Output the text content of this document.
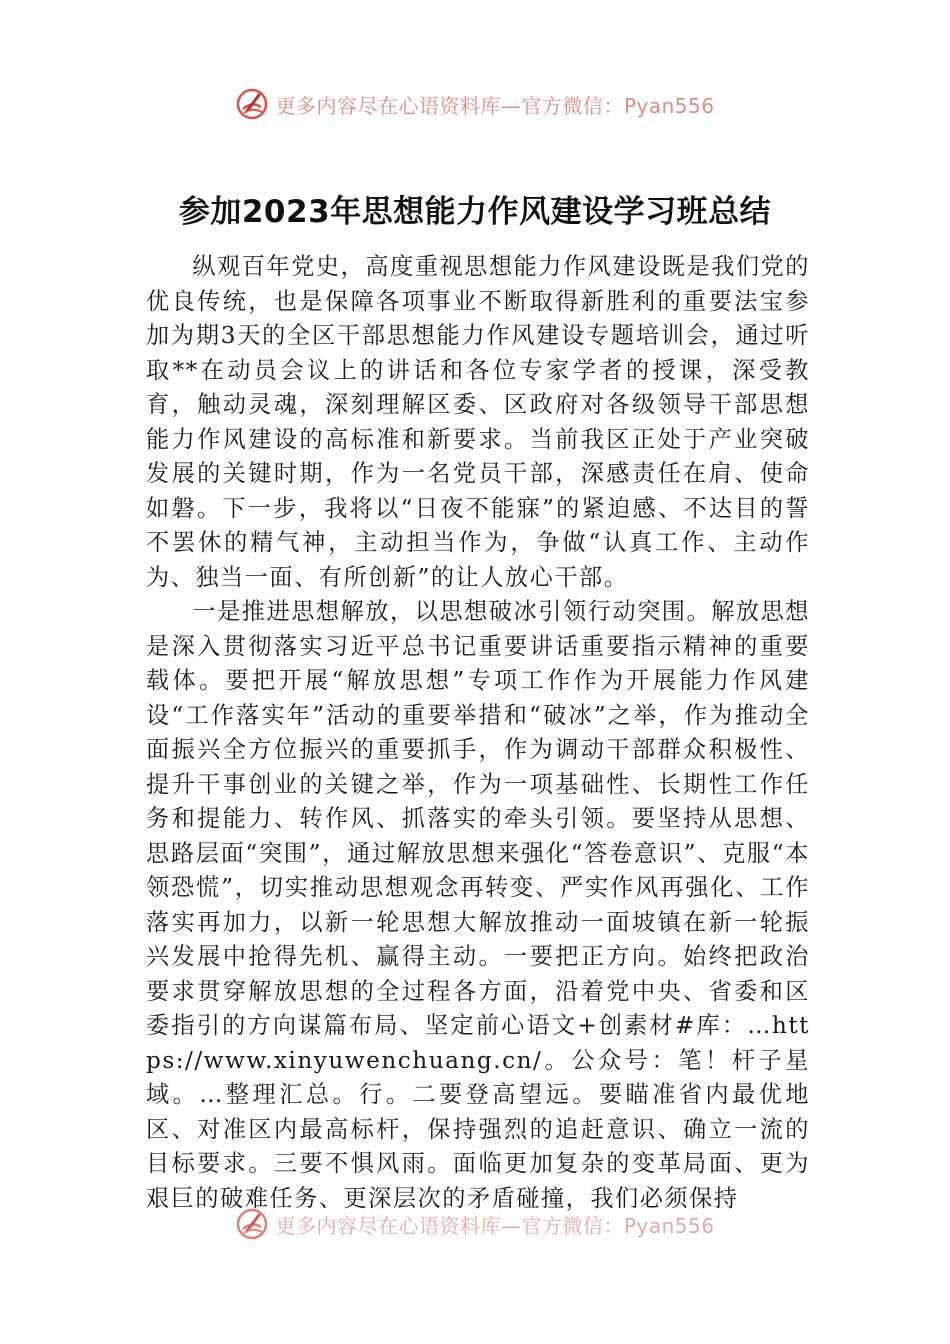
更多内容尽在心语资料库—官方微信：Pyan556
参加2023年思想能力作风建设学习班总结

纵观百年党史，高度重视思想能力作风建设既是我们党的优良传统，也是保障各项事业不断取得新胜利的重要法宝参加为期3天的全区干部思想能力作风建设专题培训会，通过听取**在动员会议上的讲话和各位专家学者的授课，深受教育，触动灵魂，深刻理解区委、区政府对各级领导干部思想能力作风建设的高标准和新要求。当前我区正处于产业突破发展的关键时期，作为一名党员干部，深感责任在肩、使命如磐。下一步，我将以“日夜不能寐”的紧迫感、不达目的誓不罢休的精气神，主动担当作为，争做“认真工作、主动作为、独当一面、有所创新”的让人放心干部。

一是推进思想解放，以思想破冰引领行动突围。解放思想是深入贯彻落实习近平总书记重要讲话重要指示精神的重要载体。要把开展“解放思想”专项工作作为开展能力作风建设“工作落实年”活动的重要举措和“破冰”之举，作为推动全面振兴全方位振兴的重要抓手，作为调动干部群众积极性、提升干事创业的关键之举，作为一项基础性、长期性工作任务和提能力、转作风、抓落实的牵头引领。要坚持从思想、思路层面“突围”，通过解放思想来强化“答卷意识”、克服“本领恐慌”，切实推动思想观念再转变、严实作风再强化、工作落实再加力，以新一轮思想大解放推动一面坡镇在新一轮振兴发展中抢得先机、赢得主动。一要把正方向。始终把政治要求贯穿解放思想的全过程各方面，沿着党中央、省委和区委指引的方向谋篇布局、坚定前心语文+创素材#库：…https://www.xinyuwenchuang.cn/。公众号：笔！杆子星域。…整理汇总。行。二要登高望远。要瞄准省内最优地区、对准区内最高标杆，保持强烈的追赶意识、确立一流的目标要求。三要不惧风雨。面临更加复杂的变革局面、更为艰巨的破难任务、更深层次的矛盾碰撞，我们必须保持

更多内容尽在心语资料库—官方微信：Pyan556
